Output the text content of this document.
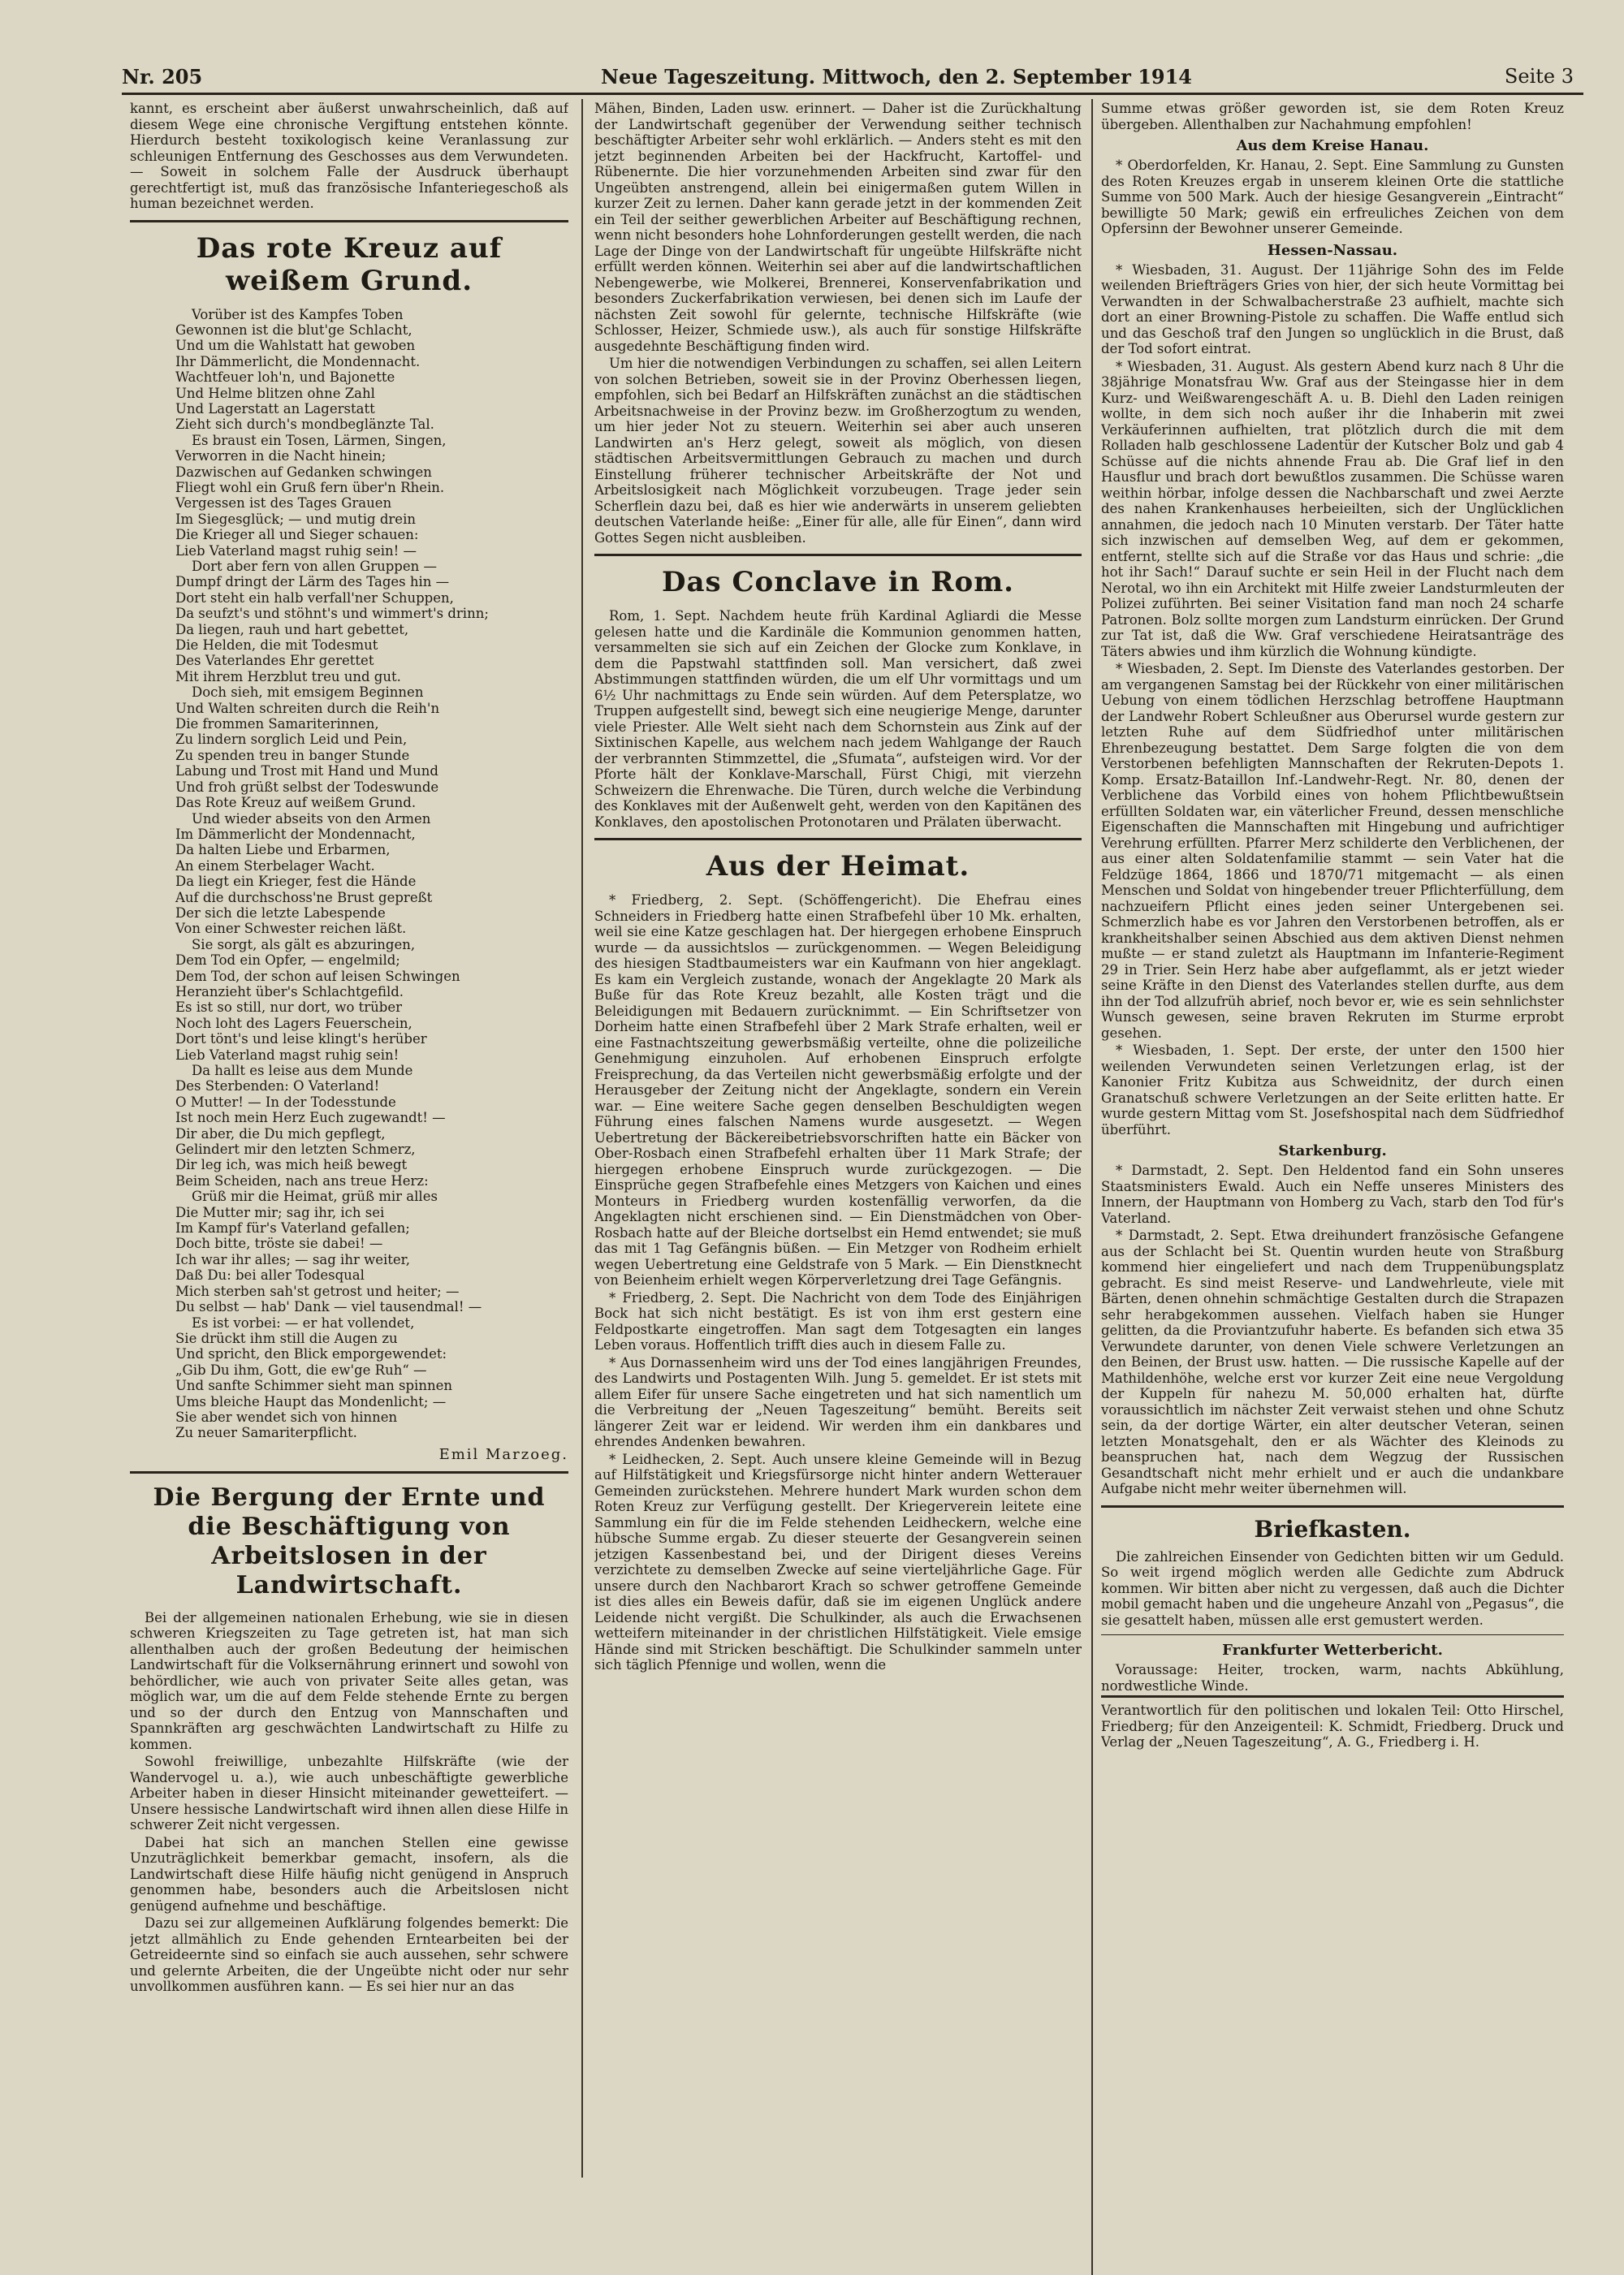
Nr. 205	Neue Tageszeitung. Mittwoch, den 2. September 1914	Seite 3

kannt, es erscheint aber äußerst unwahrscheinlich, daß auf diesem Wege eine chronische Vergiftung entstehen könnte. Hierdurch besteht toxikologisch keine Veranlassung zur schleunigen Entfernung des Geschosses aus dem Verwundeten. — Soweit in solchem Falle der Ausdruck überhaupt gerechtfertigt ist, muß das französische Infanteriegeschoß als human bezeichnet werden.

Das rote Kreuz auf weißem Grund.
Vorüber ist des Kampfes Toben
Gewonnen ist die blut'ge Schlacht,
Und um die Wahlstatt hat gewoben
Ihr Dämmerlicht, die Mondennacht.
Wachtfeuer loh'n, und Bajonette
Und Helme blitzen ohne Zahl
Und Lagerstatt an Lagerstatt
Zieht sich durch's mondbeglänzte Tal.
Es braust ein Tosen, Lärmen, Singen,
Verworren in die Nacht hinein;
Dazwischen auf Gedanken schwingen
Fliegt wohl ein Gruß fern über'n Rhein.
Vergessen ist des Tages Grauen
Im Siegesglück; — und mutig drein
Die Krieger all und Sieger schauen:
Lieb Vaterland magst ruhig sein! —
Dort aber fern von allen Gruppen —
Dumpf dringt der Lärm des Tages hin —
Dort steht ein halb verfall'ner Schuppen,
Da seufzt's und stöhnt's und wimmert's drinn;
Da liegen, rauh und hart gebettet,
Die Helden, die mit Todesmut
Des Vaterlandes Ehr gerettet
Mit ihrem Herzblut treu und gut.
Doch sieh, mit emsigem Beginnen
Und Walten schreiten durch die Reih'n
Die frommen Samariterinnen,
Zu lindern sorglich Leid und Pein,
Zu spenden treu in banger Stunde
Labung und Trost mit Hand und Mund
Und froh grüßt selbst der Todeswunde
Das Rote Kreuz auf weißem Grund.
Und wieder abseits von den Armen
Im Dämmerlicht der Mondennacht,
Da halten Liebe und Erbarmen,
An einem Sterbelager Wacht.
Da liegt ein Krieger, fest die Hände
Auf die durchschoss'ne Brust gepreßt
Der sich die letzte Labespende
Von einer Schwester reichen läßt.
Sie sorgt, als gält es abzuringen,
Dem Tod ein Opfer, — engelmild;
Dem Tod, der schon auf leisen Schwingen
Heranzieht über's Schlachtgefild.
Es ist so still, nur dort, wo trüber
Noch loht des Lagers Feuerschein,
Dort tönt's und leise klingt's herüber
Lieb Vaterland magst ruhig sein!
Da hallt es leise aus dem Munde
Des Sterbenden: O Vaterland!
O Mutter! — In der Todesstunde
Ist noch mein Herz Euch zugewandt! —
Dir aber, die Du mich gepflegt,
Gelindert mir den letzten Schmerz,
Dir leg ich, was mich heiß bewegt
Beim Scheiden, nach ans treue Herz:
Grüß mir die Heimat, grüß mir alles
Die Mutter mir; sag ihr, ich sei
Im Kampf für's Vaterland gefallen;
Doch bitte, tröste sie dabei! —
Ich war ihr alles; — sag ihr weiter,
Daß Du: bei aller Todesqual
Mich sterben sah'st getrost und heiter; —
Du selbst — hab' Dank — viel tausendmal! —
Es ist vorbei: — er hat vollendet,
Sie drückt ihm still die Augen zu
Und spricht, den Blick emporgewendet:
„Gib Du ihm, Gott, die ew'ge Ruh“ —
Und sanfte Schimmer sieht man spinnen
Ums bleiche Haupt das Mondenlicht; —
Sie aber wendet sich von hinnen
Zu neuer Samariterpflicht.
Emil Marzoeg.
Die Bergung der Ernte und die Beschäftigung von Arbeitslosen in der Landwirtschaft.

Bei der allgemeinen nationalen Erhebung, wie sie in diesen schweren Kriegszeiten zu Tage getreten ist, hat man sich allenthalben auch der großen Bedeutung der heimischen Landwirtschaft für die Volksernährung erinnert und sowohl von behördlicher, wie auch von privater Seite alles getan, was möglich war, um die auf dem Felde stehende Ernte zu bergen und so der durch den Entzug von Mannschaften und Spannkräften arg geschwächten Landwirtschaft zu Hilfe zu kommen.

Sowohl freiwillige, unbezahlte Hilfskräfte (wie der Wandervogel u. a.), wie auch unbeschäftigte gewerbliche Arbeiter haben in dieser Hinsicht miteinander gewetteifert. — Unsere hessische Landwirtschaft wird ihnen allen diese Hilfe in schwerer Zeit nicht vergessen.

Dabei hat sich an manchen Stellen eine gewisse Unzuträglichkeit bemerkbar gemacht, insofern, als die Landwirtschaft diese Hilfe häufig nicht genügend in Anspruch genommen habe, besonders auch die Arbeitslosen nicht genügend aufnehme und beschäftige.

Dazu sei zur allgemeinen Aufklärung folgendes bemerkt: Die jetzt allmählich zu Ende gehenden Erntearbeiten bei der Getreideernte sind so einfach sie auch aussehen, sehr schwere und gelernte Arbeiten, die der Ungeübte nicht oder nur sehr unvollkommen ausführen kann. — Es sei hier nur an das

Mähen, Binden, Laden usw. erinnert. — Daher ist die Zurückhaltung der Landwirtschaft gegenüber der Verwendung seither technisch beschäftigter Arbeiter sehr wohl erklärlich. — Anders steht es mit den jetzt beginnenden Arbeiten bei der Hackfrucht, Kartoffel- und Rübenernte. Die hier vorzunehmenden Arbeiten sind zwar für den Ungeübten anstrengend, allein bei einigermaßen gutem Willen in kurzer Zeit zu lernen. Daher kann gerade jetzt in der kommenden Zeit ein Teil der seither gewerblichen Arbeiter auf Beschäftigung rechnen, wenn nicht besonders hohe Lohnforderungen gestellt werden, die nach Lage der Dinge von der Landwirtschaft für ungeübte Hilfskräfte nicht erfüllt werden können. Weiterhin sei aber auf die landwirtschaftlichen Nebengewerbe, wie Molkerei, Brennerei, Konservenfabrikation und besonders Zuckerfabrikation verwiesen, bei denen sich im Laufe der nächsten Zeit sowohl für gelernte, technische Hilfskräfte (wie Schlosser, Heizer, Schmiede usw.), als auch für sonstige Hilfskräfte ausgedehnte Beschäftigung finden wird.

Um hier die notwendigen Verbindungen zu schaffen, sei allen Leitern von solchen Betrieben, soweit sie in der Provinz Oberhessen liegen, empfohlen, sich bei Bedarf an Hilfskräften zunächst an die städtischen Arbeitsnachweise in der Provinz bezw. im Großherzogtum zu wenden, um hier jeder Not zu steuern. Weiterhin sei aber auch unseren Landwirten an's Herz gelegt, soweit als möglich, von diesen städtischen Arbeitsvermittlungen Gebrauch zu machen und durch Einstellung früherer technischer Arbeitskräfte der Not und Arbeitslosigkeit nach Möglichkeit vorzubeugen. Trage jeder sein Scherflein dazu bei, daß es hier wie anderwärts in unserem geliebten deutschen Vaterlande heiße: „Einer für alle, alle für Einen“, dann wird Gottes Segen nicht ausbleiben.

Das Conclave in Rom.

Rom, 1. Sept. Nachdem heute früh Kardinal Agliardi die Messe gelesen hatte und die Kardinäle die Kommunion genommen hatten, versammelten sie sich auf ein Zeichen der Glocke zum Konklave, in dem die Papstwahl stattfinden soll. Man versichert, daß zwei Abstimmungen stattfinden würden, die um elf Uhr vormittags und um 6½ Uhr nachmittags zu Ende sein würden. Auf dem Petersplatze, wo Truppen aufgestellt sind, bewegt sich eine neugierige Menge, darunter viele Priester. Alle Welt sieht nach dem Schornstein aus Zink auf der Sixtinischen Kapelle, aus welchem nach jedem Wahlgange der Rauch der verbrannten Stimmzettel, die „Sfumata“, aufsteigen wird. Vor der Pforte hält der Konklave-Marschall, Fürst Chigi, mit vierzehn Schweizern die Ehrenwache. Die Türen, durch welche die Verbindung des Konklaves mit der Außenwelt geht, werden von den Kapitänen des Konklaves, den apostolischen Protonotaren und Prälaten überwacht.

Aus der Heimat.

* Friedberg, 2. Sept. (Schöffengericht). Die Ehefrau eines Schneiders in Friedberg hatte einen Strafbefehl über 10 Mk. erhalten, weil sie eine Katze geschlagen hat. Der hiergegen erhobene Einspruch wurde — da aussichtslos — zurückgenommen. — Wegen Beleidigung des hiesigen Stadtbaumeisters war ein Kaufmann von hier angeklagt. Es kam ein Vergleich zustande, wonach der Angeklagte 20 Mark als Buße für das Rote Kreuz bezahlt, alle Kosten trägt und die Beleidigungen mit Bedauern zurücknimmt. — Ein Schriftsetzer von Dorheim hatte einen Strafbefehl über 2 Mark Strafe erhalten, weil er eine Fastnachtszeitung gewerbsmäßig verteilte, ohne die polizeiliche Genehmigung einzuholen. Auf erhobenen Einspruch erfolgte Freisprechung, da das Verteilen nicht gewerbsmäßig erfolgte und der Herausgeber der Zeitung nicht der Angeklagte, sondern ein Verein war. — Eine weitere Sache gegen denselben Beschuldigten wegen Führung eines falschen Namens wurde ausgesetzt. — Wegen Uebertretung der Bäckereibetriebsvorschriften hatte ein Bäcker von Ober-Rosbach einen Strafbefehl erhalten über 11 Mark Strafe; der hiergegen erhobene Einspruch wurde zurückgezogen. — Die Einsprüche gegen Strafbefehle eines Metzgers von Kaichen und eines Monteurs in Friedberg wurden kostenfällig verworfen, da die Angeklagten nicht erschienen sind. — Ein Dienstmädchen von Ober-Rosbach hatte auf der Bleiche dortselbst ein Hemd entwendet; sie muß das mit 1 Tag Gefängnis büßen. — Ein Metzger von Rodheim erhielt wegen Uebertretung eine Geldstrafe von 5 Mark. — Ein Dienstknecht von Beienheim erhielt wegen Körperverletzung drei Tage Gefängnis.

* Friedberg, 2. Sept. Die Nachricht von dem Tode des Einjährigen Bock hat sich nicht bestätigt. Es ist von ihm erst gestern eine Feldpostkarte eingetroffen. Man sagt dem Totgesagten ein langes Leben voraus. Hoffentlich trifft dies auch in diesem Falle zu.

* Aus Dornassenheim wird uns der Tod eines langjährigen Freundes, des Landwirts und Postagenten Wilh. Jung 5. gemeldet. Er ist stets mit allem Eifer für unsere Sache eingetreten und hat sich namentlich um die Verbreitung der „Neuen Tageszeitung“ bemüht. Bereits seit längerer Zeit war er leidend. Wir werden ihm ein dankbares und ehrendes Andenken bewahren.

* Leidhecken, 2. Sept. Auch unsere kleine Gemeinde will in Bezug auf Hilfstätigkeit und Kriegsfürsorge nicht hinter andern Wetterauer Gemeinden zurückstehen. Mehrere hundert Mark wurden schon dem Roten Kreuz zur Verfügung gestellt. Der Kriegerverein leitete eine Sammlung ein für die im Felde stehenden Leidheckern, welche eine hübsche Summe ergab. Zu dieser steuerte der Gesangverein seinen jetzigen Kassenbestand bei, und der Dirigent dieses Vereins verzichtete zu demselben Zwecke auf seine vierteljährliche Gage. Für unsere durch den Nachbarort Krach so schwer getroffene Gemeinde ist dies alles ein Beweis dafür, daß sie im eigenen Unglück andere Leidende nicht vergißt. Die Schulkinder, als auch die Erwachsenen wetteifern miteinander in der christlichen Hilfstätigkeit. Viele emsige Hände sind mit Stricken beschäftigt. Die Schulkinder sammeln unter sich täglich Pfennige und wollen, wenn die

Summe etwas größer geworden ist, sie dem Roten Kreuz übergeben. Allenthalben zur Nachahmung empfohlen!

Aus dem Kreise Hanau.

* Oberdorfelden, Kr. Hanau, 2. Sept. Eine Sammlung zu Gunsten des Roten Kreuzes ergab in unserem kleinen Orte die stattliche Summe von 500 Mark. Auch der hiesige Gesangverein „Eintracht“ bewilligte 50 Mark; gewiß ein erfreuliches Zeichen von dem Opfersinn der Bewohner unserer Gemeinde.

Hessen-Nassau.

* Wiesbaden, 31. August. Der 11jährige Sohn des im Felde weilenden Briefträgers Gries von hier, der sich heute Vormittag bei Verwandten in der Schwalbacherstraße 23 aufhielt, machte sich dort an einer Browning-Pistole zu schaffen. Die Waffe entlud sich und das Geschoß traf den Jungen so unglücklich in die Brust, daß der Tod sofort eintrat.

* Wiesbaden, 31. August. Als gestern Abend kurz nach 8 Uhr die 38jährige Monatsfrau Ww. Graf aus der Steingasse hier in dem Kurz- und Weißwarengeschäft A. u. B. Diehl den Laden reinigen wollte, in dem sich noch außer ihr die Inhaberin mit zwei Verkäuferinnen aufhielten, trat plötzlich durch die mit dem Rolladen halb geschlossene Ladentür der Kutscher Bolz und gab 4 Schüsse auf die nichts ahnende Frau ab. Die Graf lief in den Hausflur und brach dort bewußtlos zusammen. Die Schüsse waren weithin hörbar, infolge dessen die Nachbarschaft und zwei Aerzte des nahen Krankenhauses herbeieilten, sich der Unglücklichen annahmen, die jedoch nach 10 Minuten verstarb. Der Täter hatte sich inzwischen auf demselben Weg, auf dem er gekommen, entfernt, stellte sich auf die Straße vor das Haus und schrie: „die hot ihr Sach!“ Darauf suchte er sein Heil in der Flucht nach dem Nerotal, wo ihn ein Architekt mit Hilfe zweier Landsturmleuten der Polizei zuführten. Bei seiner Visitation fand man noch 24 scharfe Patronen. Bolz sollte morgen zum Landsturm einrücken. Der Grund zur Tat ist, daß die Ww. Graf verschiedene Heiratsanträge des Täters abwies und ihm kürzlich die Wohnung kündigte.

* Wiesbaden, 2. Sept. Im Dienste des Vaterlandes gestorben. Der am vergangenen Samstag bei der Rückkehr von einer militärischen Uebung von einem tödlichen Herzschlag betroffene Hauptmann der Landwehr Robert Schleußner aus Oberursel wurde gestern zur letzten Ruhe auf dem Südfriedhof unter militärischen Ehrenbezeugung bestattet. Dem Sarge folgten die von dem Verstorbenen befehligten Mannschaften der Rekruten-Depots 1. Komp. Ersatz-Bataillon Inf.-Landwehr-Regt. Nr. 80, denen der Verblichene das Vorbild eines von hohem Pflichtbewußtsein erfüllten Soldaten war, ein väterlicher Freund, dessen menschliche Eigenschaften die Mannschaften mit Hingebung und aufrichtiger Verehrung erfüllten. Pfarrer Merz schilderte den Verblichenen, der aus einer alten Soldatenfamilie stammt — sein Vater hat die Feldzüge 1864, 1866 und 1870/71 mitgemacht — als einen Menschen und Soldat von hingebender treuer Pflichterfüllung, dem nachzueifern Pflicht eines jeden seiner Untergebenen sei. Schmerzlich habe es vor Jahren den Verstorbenen betroffen, als er krankheitshalber seinen Abschied aus dem aktiven Dienst nehmen mußte — er stand zuletzt als Hauptmann im Infanterie-Regiment 29 in Trier. Sein Herz habe aber aufgeflammt, als er jetzt wieder seine Kräfte in den Dienst des Vaterlandes stellen durfte, aus dem ihn der Tod allzufrüh abrief, noch bevor er, wie es sein sehnlichster Wunsch gewesen, seine braven Rekruten im Sturme erprobt gesehen.

* Wiesbaden, 1. Sept. Der erste, der unter den 1500 hier weilenden Verwundeten seinen Verletzungen erlag, ist der Kanonier Fritz Kubitza aus Schweidnitz, der durch einen Granatschuß schwere Verletzungen an der Seite erlitten hatte. Er wurde gestern Mittag vom St. Josefshospital nach dem Südfriedhof überführt.

Starkenburg.

* Darmstadt, 2. Sept. Den Heldentod fand ein Sohn unseres Staatsministers Ewald. Auch ein Neffe unseres Ministers des Innern, der Hauptmann von Homberg zu Vach, starb den Tod für's Vaterland.

* Darmstadt, 2. Sept. Etwa dreihundert französische Gefangene aus der Schlacht bei St. Quentin wurden heute von Straßburg kommend hier eingeliefert und nach dem Truppenübungsplatz gebracht. Es sind meist Reserve- und Landwehrleute, viele mit Bärten, denen ohnehin schmächtige Gestalten durch die Strapazen sehr herabgekommen aussehen. Vielfach haben sie Hunger gelitten, da die Proviantzufuhr haberte. Es befanden sich etwa 35 Verwundete darunter, von denen Viele schwere Verletzungen an den Beinen, der Brust usw. hatten. — Die russische Kapelle auf der Mathildenhöhe, welche erst vor kurzer Zeit eine neue Vergoldung der Kuppeln für nahezu M. 50,000 erhalten hat, dürfte voraussichtlich im nächster Zeit verwaist stehen und ohne Schutz sein, da der dortige Wärter, ein alter deutscher Veteran, seinen letzten Monatsgehalt, den er als Wächter des Kleinods zu beanspruchen hat, nach dem Wegzug der Russischen Gesandtschaft nicht mehr erhielt und er auch die undankbare Aufgabe nicht mehr weiter übernehmen will.

Briefkasten.

Die zahlreichen Einsender von Gedichten bitten wir um Geduld. So weit irgend möglich werden alle Gedichte zum Abdruck kommen. Wir bitten aber nicht zu vergessen, daß auch die Dichter mobil gemacht haben und die ungeheure Anzahl von „Pegasus“, die sie gesattelt haben, müssen alle erst gemustert werden.

Frankfurter Wetterbericht.

Voraussage: Heiter, trocken, warm, nachts Abkühlung, nordwestliche Winde.

Verantwortlich für den politischen und lokalen Teil: Otto Hirschel, Friedberg; für den Anzeigenteil: K. Schmidt, Friedberg. Druck und Verlag der „Neuen Tageszeitung“, A. G., Friedberg i. H.
